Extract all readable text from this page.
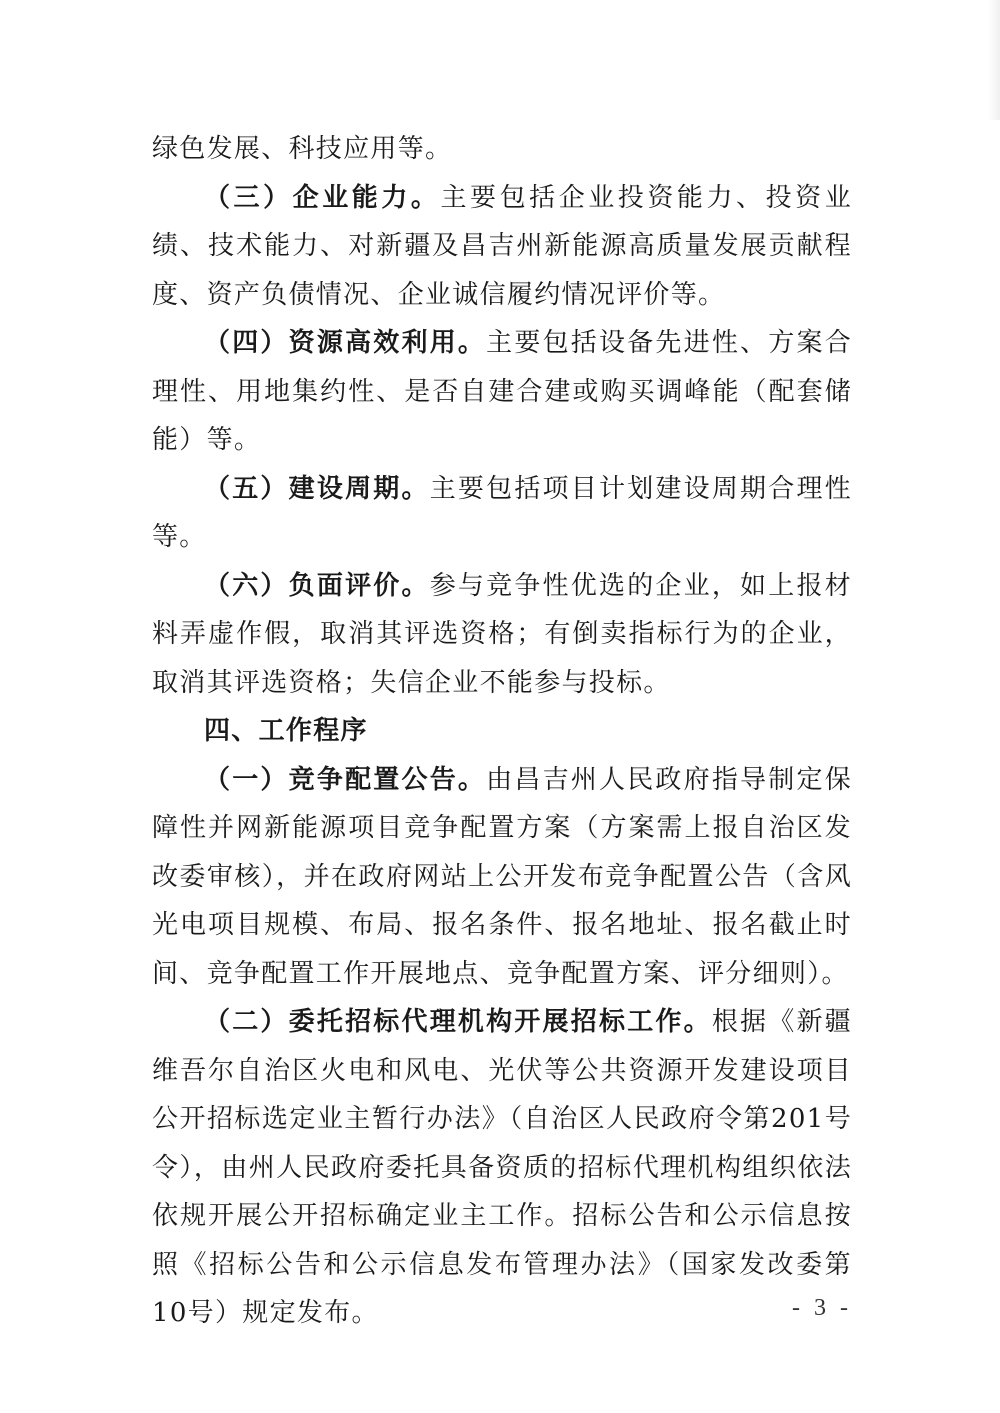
绿色发展、科技应用等。

（三）企业能力。主要包括企业投资能力、投资业绩、技术能力、对新疆及昌吉州新能源高质量发展贡献程度、资产负债情况、企业诚信履约情况评价等。

（四）资源高效利用。主要包括设备先进性、方案合理性、用地集约性、是否自建合建或购买调峰能（配套储能）等。

（五）建设周期。主要包括项目计划建设周期合理性等。

（六）负面评价。参与竞争性优选的企业，如上报材料弄虚作假，取消其评选资格；有倒卖指标行为的企业，取消其评选资格；失信企业不能参与投标。

四、工作程序

（一）竞争配置公告。由昌吉州人民政府指导制定保障性并网新能源项目竞争配置方案（方案需上报自治区发改委审核），并在政府网站上公开发布竞争配置公告（含风光电项目规模、布局、报名条件、报名地址、报名截止时间、竞争配置工作开展地点、竞争配置方案、评分细则）。

（二）委托招标代理机构开展招标工作。根据《新疆维吾尔自治区火电和风电、光伏等公共资源开发建设项目公开招标选定业主暂行办法》（自治区人民政府令第201号令），由州人民政府委托具备资质的招标代理机构组织依法依规开展公开招标确定业主工作。招标公告和公示信息按照《招标公告和公示信息发布管理办法》（国家发改委第10号）规定发布。	- 3 -
